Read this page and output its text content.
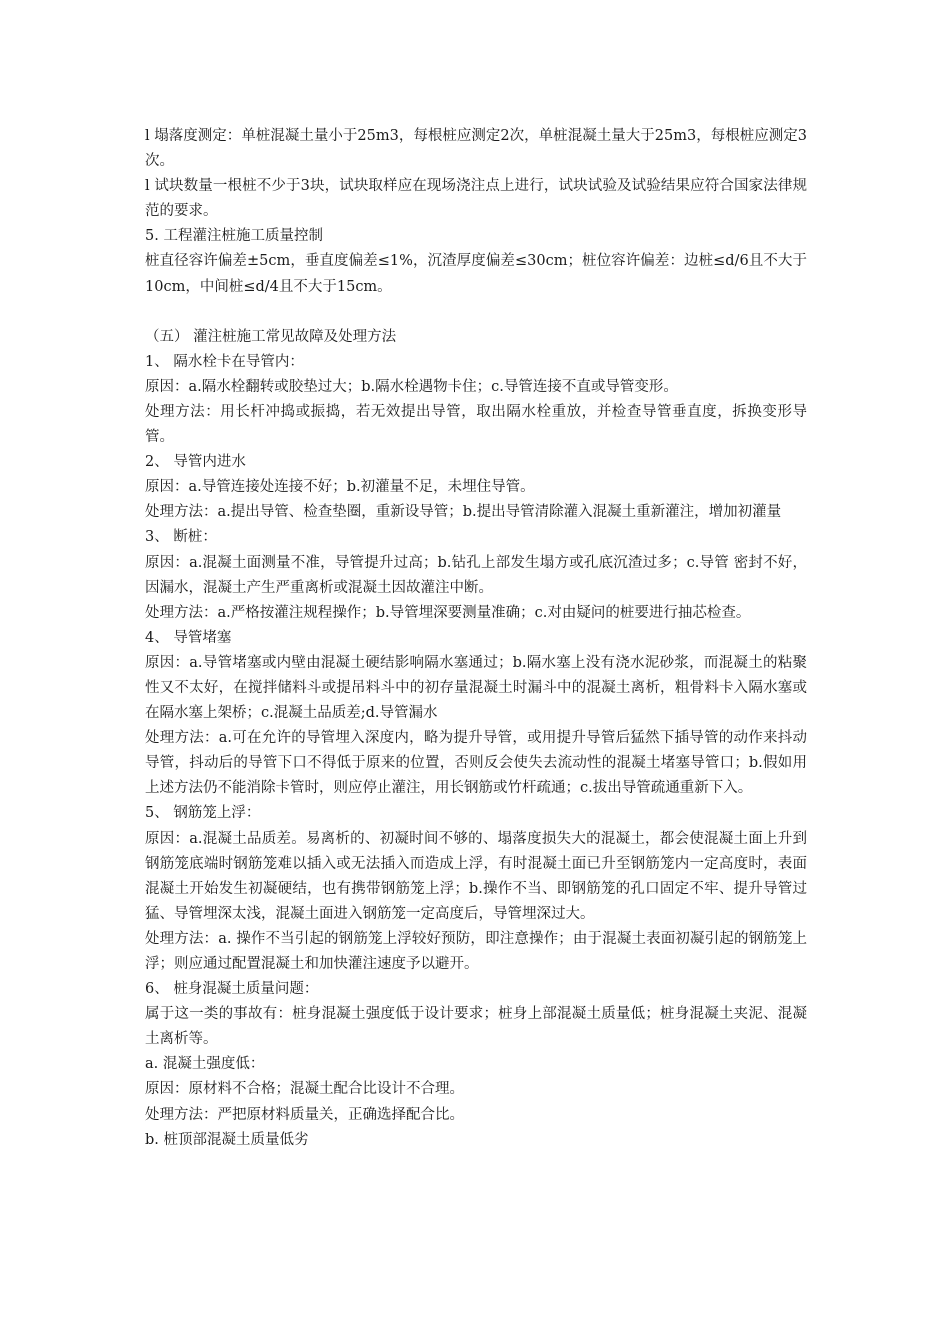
l 塌落度测定：单桩混凝土量小于25m3，每根桩应测定2次，单桩混凝土量大于25m3，每根桩应测定3次。

l 试块数量一根桩不少于3块，试块取样应在现场浇注点上进行，试块试验及试验结果应符合国家法律规范的要求。

5. 工程灌注桩施工质量控制

桩直径容许偏差±5cm，垂直度偏差≤1%，沉渣厚度偏差≤30cm；桩位容许偏差：边桩≤d/6且不大于10cm，中间桩≤d/4且不大于15cm。

（五） 灌注桩施工常见故障及处理方法

1、 隔水栓卡在导管内：

原因：a.隔水栓翻转或胶垫过大；b.隔水栓遇物卡住；c.导管连接不直或导管变形。

处理方法：用长杆冲捣或振捣，若无效提出导管，取出隔水栓重放，并检查导管垂直度，拆换变形导管。

2、 导管内进水

原因：a.导管连接处连接不好；b.初灌量不足，未埋住导管。

处理方法：a.提出导管、检查垫圈，重新设导管；b.提出导管清除灌入混凝土重新灌注，增加初灌量

3、 断桩：

原因：a.混凝土面测量不准，导管提升过高；b.钻孔上部发生塌方或孔底沉渣过多；c.导管 密封不好，因漏水，混凝土产生严重离析或混凝土因故灌注中断。

处理方法：a.严格按灌注规程操作；b.导管埋深要测量准确；c.对由疑问的桩要进行抽芯检查。

4、 导管堵塞

原因：a.导管堵塞或内壁由混凝土硬结影响隔水塞通过；b.隔水塞上没有浇水泥砂浆，而混凝土的粘聚性又不太好，在搅拌储料斗或提吊料斗中的初存量混凝土时漏斗中的混凝土离析，粗骨料卡入隔水塞或在隔水塞上架桥；c.混凝土品质差;d.导管漏水

处理方法：a.可在允许的导管埋入深度内，略为提升导管，或用提升导管后猛然下插导管的动作来抖动导管，抖动后的导管下口不得低于原来的位置，否则反会使失去流动性的混凝土堵塞导管口；b.假如用上述方法仍不能消除卡管时，则应停止灌注，用长钢筋或竹杆疏通；c.拔出导管疏通重新下入。

5、 钢筋笼上浮：

原因：a.混凝土品质差。易离析的、初凝时间不够的、塌落度损失大的混凝土，都会使混凝土面上升到钢筋笼底端时钢筋笼难以插入或无法插入而造成上浮，有时混凝土面已升至钢筋笼内一定高度时，表面混凝土开始发生初凝硬结，也有携带钢筋笼上浮；b.操作不当、即钢筋笼的孔口固定不牢、提升导管过猛、导管埋深太浅，混凝土面进入钢筋笼一定高度后，导管埋深过大。

处理方法：a. 操作不当引起的钢筋笼上浮较好预防，即注意操作；由于混凝土表面初凝引起的钢筋笼上浮；则应通过配置混凝土和加快灌注速度予以避开。

6、 桩身混凝土质量问题：

属于这一类的事故有：桩身混凝土强度低于设计要求；桩身上部混凝土质量低；桩身混凝土夹泥、混凝土离析等。

a. 混凝土强度低：

原因：原材料不合格；混凝土配合比设计不合理。

处理方法：严把原材料质量关，正确选择配合比。

b. 桩顶部混凝土质量低劣
